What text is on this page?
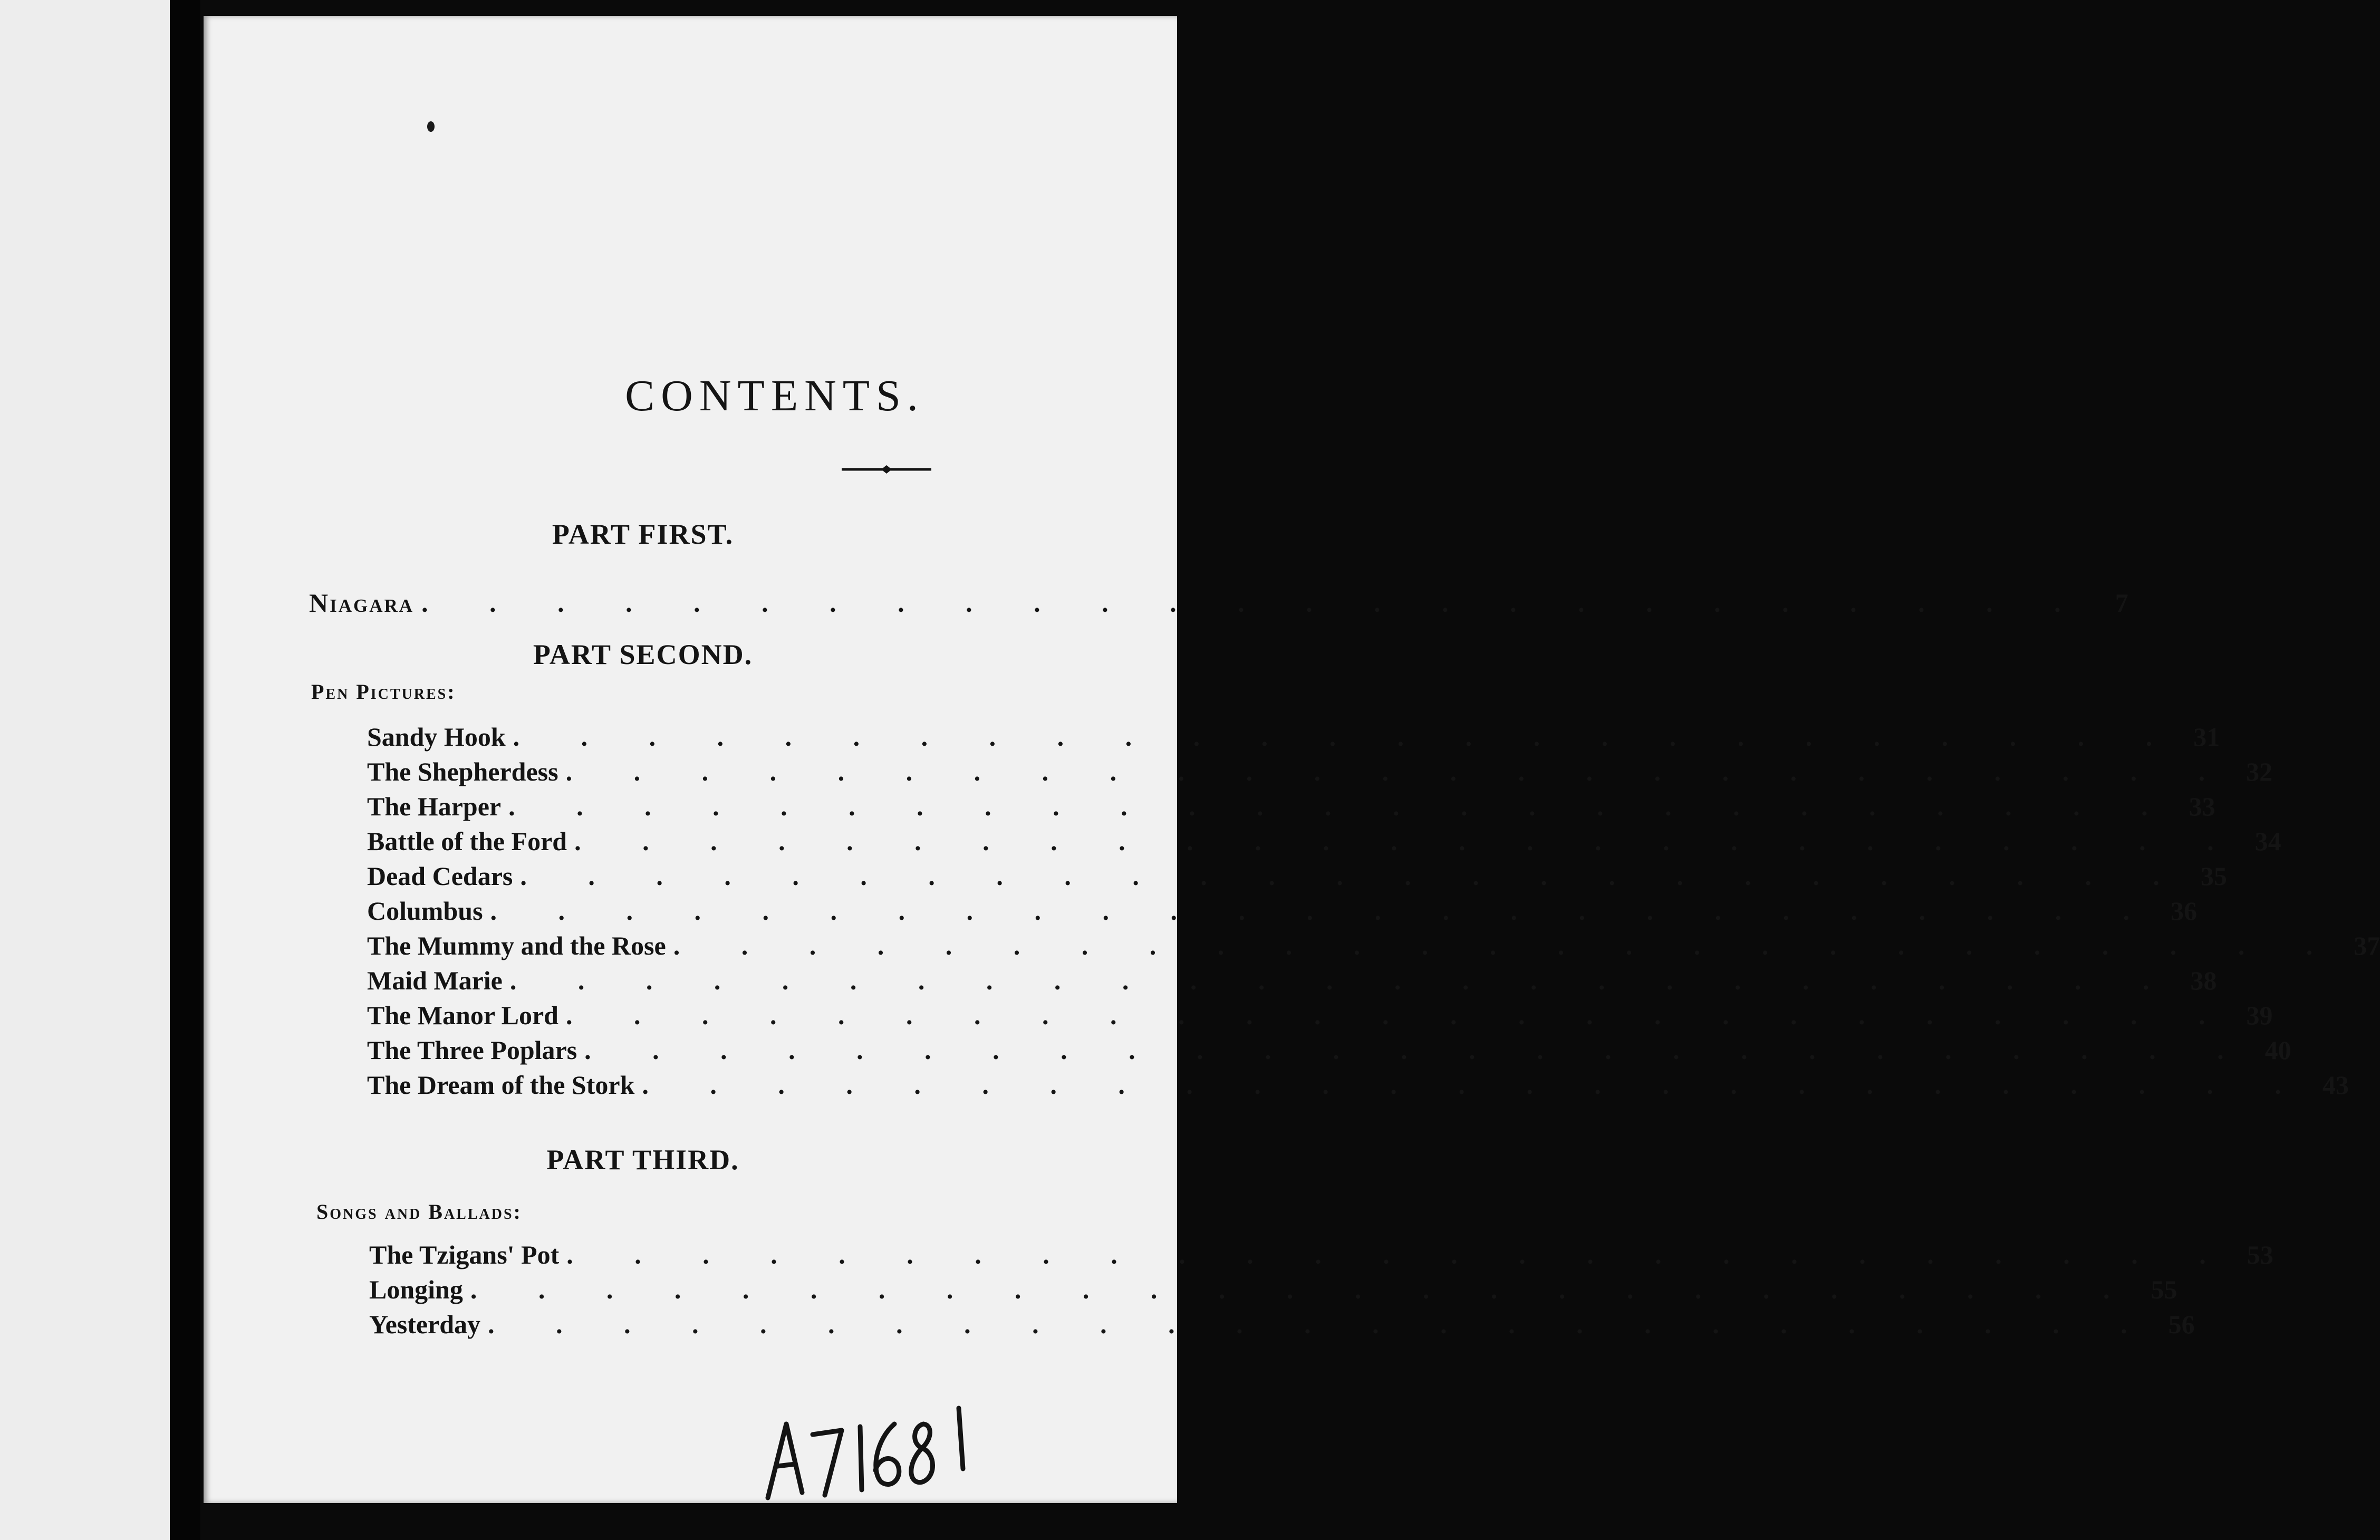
CONTENTS.
PART FIRST.
Niagara . . . . . . . . . . . . . . . . . . . . . . . . .	7
PART SECOND.
Pen Pictures:
Sandy Hook . . . . . . . . . . . . . . . . . . . . . . . . . 31
The Shepherdess . . . . . . . . . . . . . . . . . . . . . . . . . 32
The Harper . . . . . . . . . . . . . . . . . . . . . . . . . 33
Battle of the Ford . . . . . . . . . . . . . . . . . . . . . . . . . 34
Dead Cedars . . . . . . . . . . . . . . . . . . . . . . . . . 35
Columbus . . . . . . . . . . . . . . . . . . . . . . . . . 36
The Mummy and the Rose . . . . . . . . . . . . . . . . . . . . . . . . . 37
Maid Marie . . . . . . . . . . . . . . . . . . . . . . . . . 38
The Manor Lord . . . . . . . . . . . . . . . . . . . . . . . . . 39
The Three Poplars . . . . . . . . . . . . . . . . . . . . . . . . . 40
The Dream of the Stork . . . . . . . . . . . . . . . . . . . . . . . . . 43
PART THIRD.
Songs and Ballads:
The Tzigans' Pot . . . . . . . . . . . . . . . . . . . . . . . . . 53
Longing . . . . . . . . . . . . . . . . . . . . . . . . . 55
Yesterday . . . . . . . . . . . . . . . . . . . . . . . . . 56
